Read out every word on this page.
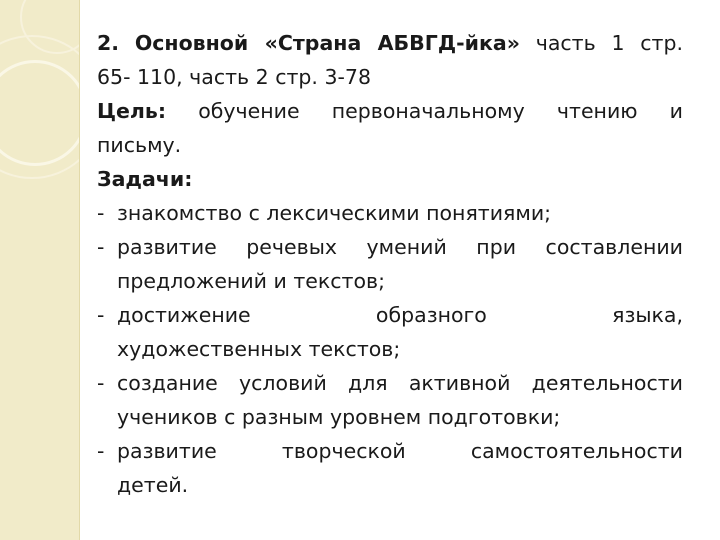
2. Основной «Страна АБВГД-йка» часть 1 стр.
65- 110, часть 2 стр. 3-78

Цель: обучение первоначальному чтению и
письму.

Задачи:

- знакомство с лексическими понятиями;
- развитие речевых умений при составлении
предложений и текстов;
- достижение образного языка,
художественных текстов;
- создание условий для активной деятельности
учеников с разным уровнем подготовки;
- развитие творческой самостоятельности
детей.
